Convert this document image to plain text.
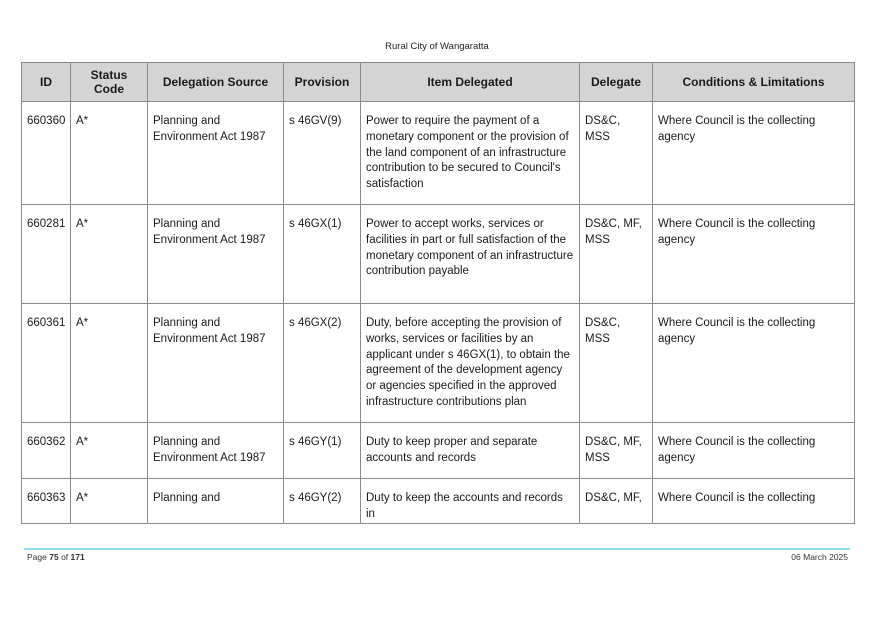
Rural City of Wangaratta
ID	Status Code	Delegation Source	Provision	Item Delegated	Delegate	Conditions & Limitations
660360	A*	Planning and Environment Act 1987	s 46GV(9)	Power to require the payment of a monetary component or the provision of the land component of an infrastructure contribution to be secured to Council's satisfaction	DS&C, MSS	Where Council is the collecting agency
660281	A*	Planning and Environment Act 1987	s 46GX(1)	Power to accept works, services or facilities in part or full satisfaction of the monetary component of an infrastructure contribution payable	DS&C, MF, MSS	Where Council is the collecting agency
660361	A*	Planning and Environment Act 1987	s 46GX(2)	Duty, before accepting the provision of works, services or facilities by an applicant under s 46GX(1), to obtain the agreement of the development agency or agencies specified in the approved infrastructure contributions plan	DS&C, MSS	Where Council is the collecting agency
660362	A*	Planning and Environment Act 1987	s 46GY(1)	Duty to keep proper and separate accounts and records	DS&C, MF, MSS	Where Council is the collecting agency
660363	A*	Planning and	s 46GY(2)	Duty to keep the accounts and records in	DS&C, MF,	Where Council is the collecting
Page 75 of 171	06 March 2025
